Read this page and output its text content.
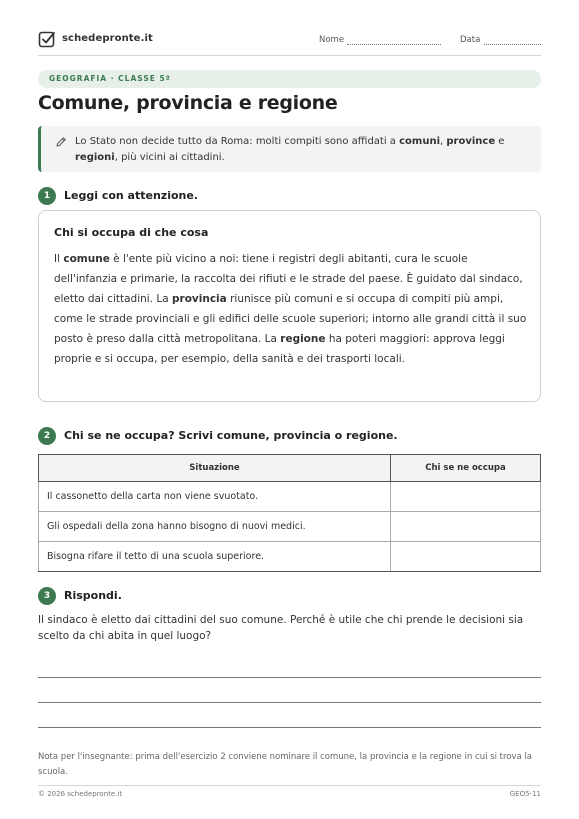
schedepronte.it	Nome	Data
GEOGRAFIA · CLASSE 5ª
Comune, provincia e regione
Lo Stato non decide tutto da Roma: molti compiti sono affidati a comuni, province e regioni, più vicini ai cittadini.
1	Leggi con attenzione.
Chi si occupa di che cosa
Il comune è l'ente più vicino a noi: tiene i registri degli abitanti, cura le scuole dell'infanzia e primarie, la raccolta dei rifiuti e le strade del paese. È guidato dal sindaco, eletto dai cittadini. La provincia riunisce più comuni e si occupa di compiti più ampi, come le strade provinciali e gli edifici delle scuole superiori; intorno alle grandi città il suo posto è preso dalla città metropolitana. La regione ha poteri maggiori: approva leggi proprie e si occupa, per esempio, della sanità e dei trasporti locali.
2	Chi se ne occupa? Scrivi comune, provincia o regione.
Situazione	Chi se ne occupa
Il cassonetto della carta non viene svuotato.	
Gli ospedali della zona hanno bisogno di nuovi medici.	
Bisogna rifare il tetto di una scuola superiore.	
3	Rispondi.
Il sindaco è eletto dai cittadini del suo comune. Perché è utile che chi prende le decisioni sia scelto da chi abita in quel luogo?
Nota per l'insegnante: prima dell'esercizio 2 conviene nominare il comune, la provincia e la regione in cui si trova la scuola.
© 2026 schedepronte.it	GEO5-11
